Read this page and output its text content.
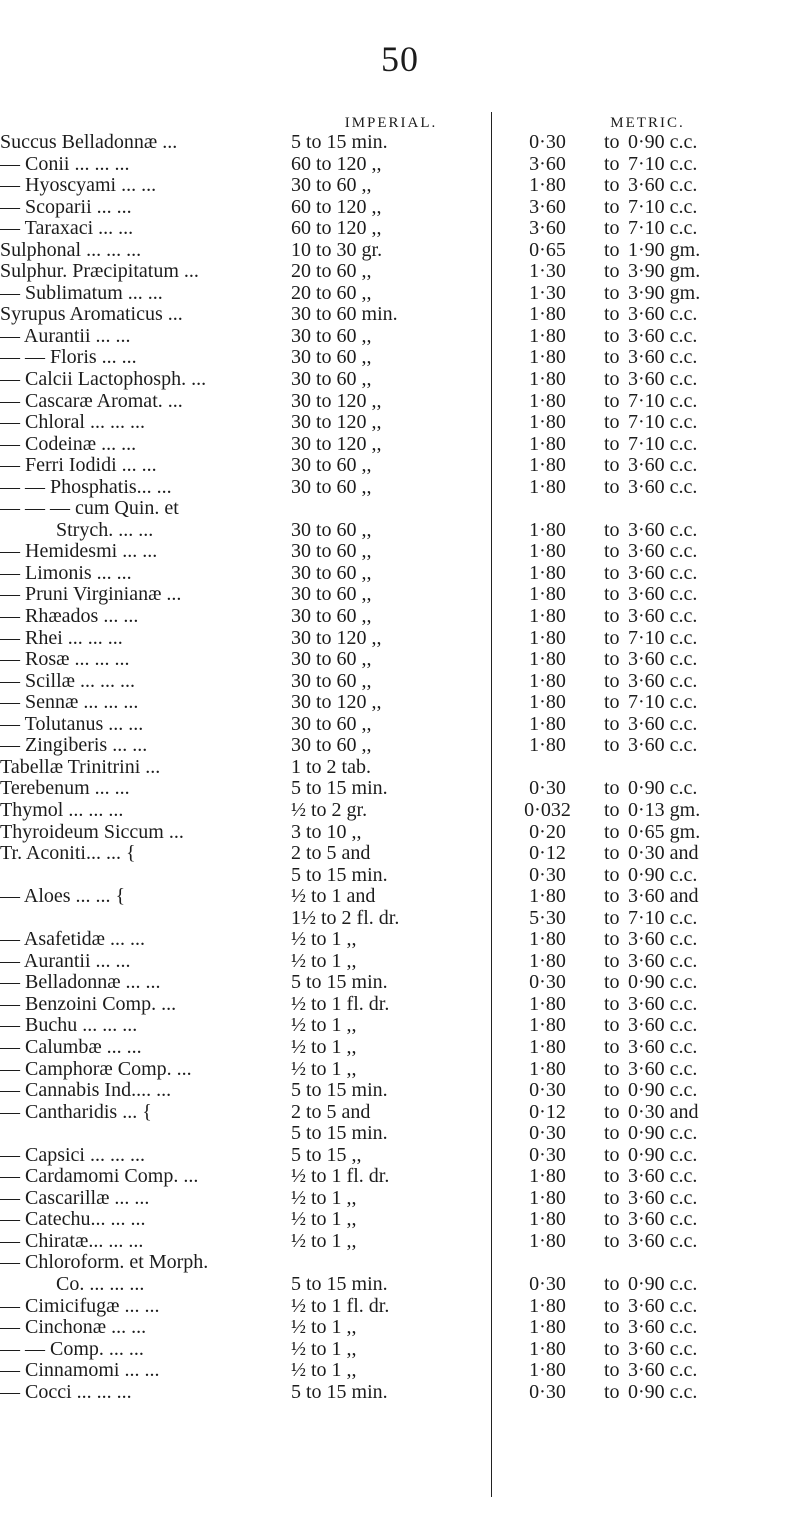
50
IMPERIAL.	METRIC.
Succus Belladonnæ ...	5 to 15 min.	0·30	to 0·90 c.c.
— Conii ... ... ...	60 to 120 ,,	3·60	to 7·10 c.c.
— Hyoscyami ... ...	30 to 60 ,,	1·80	to 3·60 c.c.
— Scoparii ... ...	60 to 120 ,,	3·60	to 7·10 c.c.
— Taraxaci ... ...	60 to 120 ,,	3·60	to 7·10 c.c.
Sulphonal ... ... ...	10 to 30 gr.	0·65	to 1·90 gm.
Sulphur. Præcipitatum ...	20 to 60 ,,	1·30	to 3·90 gm.
— Sublimatum ... ...	20 to 60 ,,	1·30	to 3·90 gm.
Syrupus Aromaticus ...	30 to 60 min.	1·80	to 3·60 c.c.
— Aurantii ... ...	30 to 60 ,,	1·80	to 3·60 c.c.
— — Floris ... ...	30 to 60 ,,	1·80	to 3·60 c.c.
— Calcii Lactophosph. ...	30 to 60 ,,	1·80	to 3·60 c.c.
— Cascaræ Aromat. ...	30 to 120 ,,	1·80	to 7·10 c.c.
— Chloral ... ... ...	30 to 120 ,,	1·80	to 7·10 c.c.
— Codeinæ ... ...	30 to 120 ,,	1·80	to 7·10 c.c.
— Ferri Iodidi ... ...	30 to 60 ,,	1·80	to 3·60 c.c.
— — Phosphatis... ...	30 to 60 ,,	1·80	to 3·60 c.c.
— — — cum Quin. et
Strych. ... ...	30 to 60 ,,	1·80	to 3·60 c.c.
— Hemidesmi ... ...	30 to 60 ,,	1·80	to 3·60 c.c.
— Limonis ... ...	30 to 60 ,,	1·80	to 3·60 c.c.
— Pruni Virginianæ ...	30 to 60 ,,	1·80	to 3·60 c.c.
— Rhæados ... ...	30 to 60 ,,	1·80	to 3·60 c.c.
— Rhei ... ... ...	30 to 120 ,,	1·80	to 7·10 c.c.
— Rosæ ... ... ...	30 to 60 ,,	1·80	to 3·60 c.c.
— Scillæ ... ... ...	30 to 60 ,,	1·80	to 3·60 c.c.
— Sennæ ... ... ...	30 to 120 ,,	1·80	to 7·10 c.c.
— Tolutanus ... ...	30 to 60 ,,	1·80	to 3·60 c.c.
— Zingiberis ... ...	30 to 60 ,,	1·80	to 3·60 c.c.
Tabellæ Trinitrini ...	1 to 2 tab.
Terebenum ... ...	5 to 15 min.	0·30	to 0·90 c.c.
Thymol ... ... ...	½ to 2 gr.	0·032	to 0·13 gm.
Thyroideum Siccum ...	3 to 10 ,,	0·20	to 0·65 gm.
Tr. Aconiti... ... {	2 to 5 and	0·12	to 0·30 and
5 to 15 min.	0·30	to 0·90 c.c.
— Aloes ... ... {	½ to 1 and	1·80	to 3·60 and
1½ to 2 fl. dr.	5·30	to 7·10 c.c.
— Asafetidæ ... ...	½ to 1 ,,	1·80	to 3·60 c.c.
— Aurantii ... ...	½ to 1 ,,	1·80	to 3·60 c.c.
— Belladonnæ ... ...	5 to 15 min.	0·30	to 0·90 c.c.
— Benzoini Comp. ...	½ to 1 fl. dr.	1·80	to 3·60 c.c.
— Buchu ... ... ...	½ to 1 ,,	1·80	to 3·60 c.c.
— Calumbæ ... ...	½ to 1 ,,	1·80	to 3·60 c.c.
— Camphoræ Comp. ...	½ to 1 ,,	1·80	to 3·60 c.c.
— Cannabis Ind.... ...	5 to 15 min.	0·30	to 0·90 c.c.
— Cantharidis ... {	2 to 5 and	0·12	to 0·30 and
5 to 15 min.	0·30	to 0·90 c.c.
— Capsici ... ... ...	5 to 15 ,,	0·30	to 0·90 c.c.
— Cardamomi Comp. ...	½ to 1 fl. dr.	1·80	to 3·60 c.c.
— Cascarillæ ... ...	½ to 1 ,,	1·80	to 3·60 c.c.
— Catechu... ... ...	½ to 1 ,,	1·80	to 3·60 c.c.
— Chiratæ... ... ...	½ to 1 ,,	1·80	to 3·60 c.c.
— Chloroform. et Morph.
Co. ... ... ...	5 to 15 min.	0·30	to 0·90 c.c.
— Cimicifugæ ... ...	½ to 1 fl. dr.	1·80	to 3·60 c.c.
— Cinchonæ ... ...	½ to 1 ,,	1·80	to 3·60 c.c.
— — Comp. ... ...	½ to 1 ,,	1·80	to 3·60 c.c.
— Cinnamomi ... ...	½ to 1 ,,	1·80	to 3·60 c.c.
— Cocci ... ... ...	5 to 15 min.	0·30	to 0·90 c.c.
